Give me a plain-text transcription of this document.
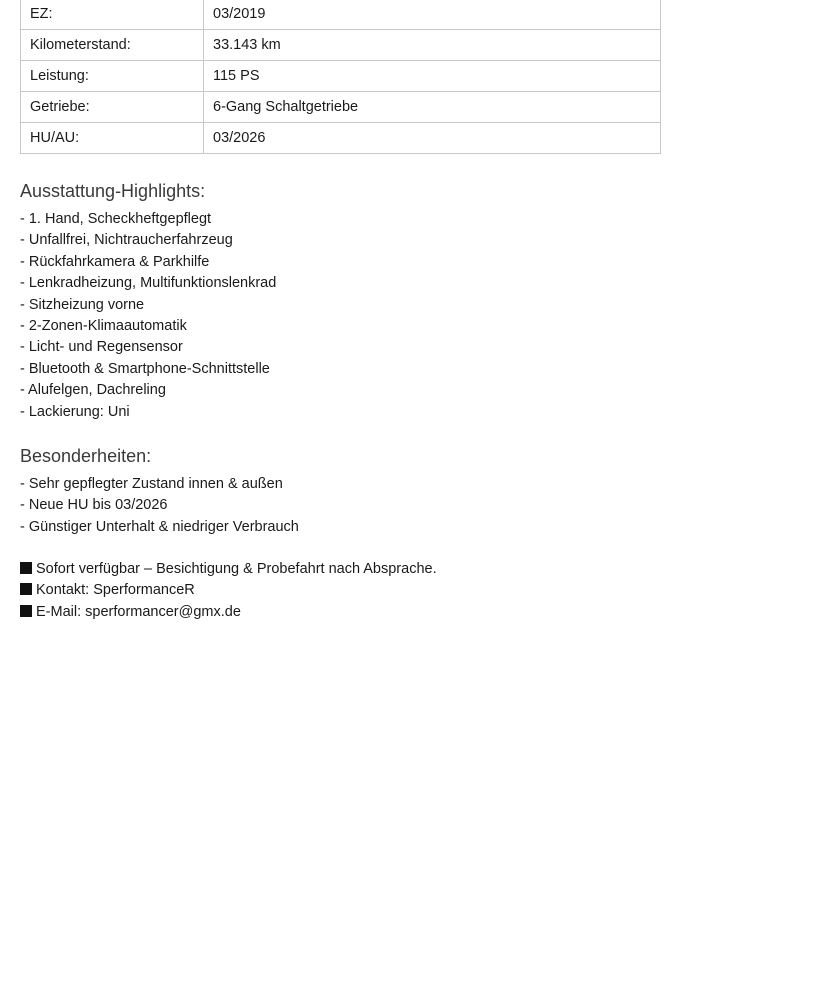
EZ:	03/2019
Kilometerstand:	33.143 km
Leistung:	115 PS
Getriebe:	6-Gang Schaltgetriebe
HU/AU:	03/2026
Ausstattung-Highlights:
- 1. Hand, Scheckheftgepflegt
- Unfallfrei, Nichtraucherfahrzeug
- Rückfahrkamera & Parkhilfe
- Lenkradheizung, Multifunktionslenkrad
- Sitzheizung vorne
- 2-Zonen-Klimaautomatik
- Licht- und Regensensor
- Bluetooth & Smartphone-Schnittstelle
- Alufelgen, Dachreling
- Lackierung: Uni
Besonderheiten:
- Sehr gepflegter Zustand innen & außen
- Neue HU bis 03/2026
- Günstiger Unterhalt & niedriger Verbrauch
Sofort verfügbar – Besichtigung & Probefahrt nach Absprache.
Kontakt: SperformanceR
E-Mail: sperformancer@gmx.de
